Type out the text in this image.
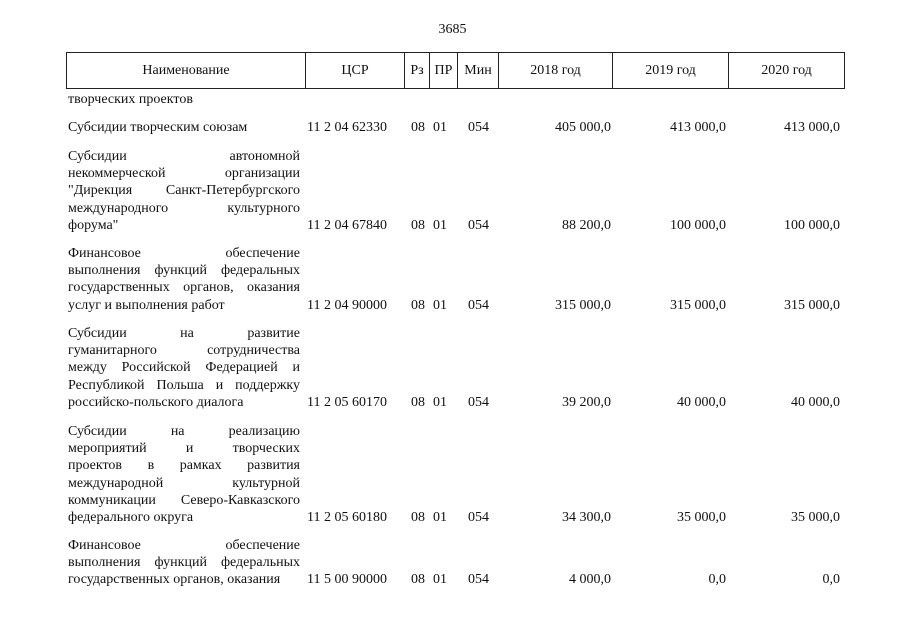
3685
Наименование	ЦСР	Рз ПР Мин	2018 год	2019 год	2020 год
творческих проектов
Субсидии творческим союзам	11 2 04 62330	08 01	054	405 000,0	413 000,0	413 000,0
Субсидии автономной
некоммерческой организации
"Дирекция Санкт-Петербургского
международного культурного
форума"	11 2 04 67840	08 01	054	88 200,0	100 000,0	100 000,0
Финансовое обеспечение
выполнения функций федеральных
государственных органов, оказания
услуг и выполнения работ	11 2 04 90000	08 01	054	315 000,0	315 000,0	315 000,0
Субсидии на развитие
гуманитарного сотрудничества
между Российской Федерацией и
Республикой Польша и поддержку
российско-польского диалога	11 2 05 60170	08 01	054	39 200,0	40 000,0	40 000,0
Субсидии на реализацию
мероприятий и творческих
проектов в рамках развития
международной культурной
коммуникации Северо-Кавказского
федерального округа	11 2 05 60180	08 01	054	34 300,0	35 000,0	35 000,0
Финансовое обеспечение
выполнения функций федеральных
государственных органов, оказания	11 5 00 90000	08 01	054	4 000,0	0,0	0,0
